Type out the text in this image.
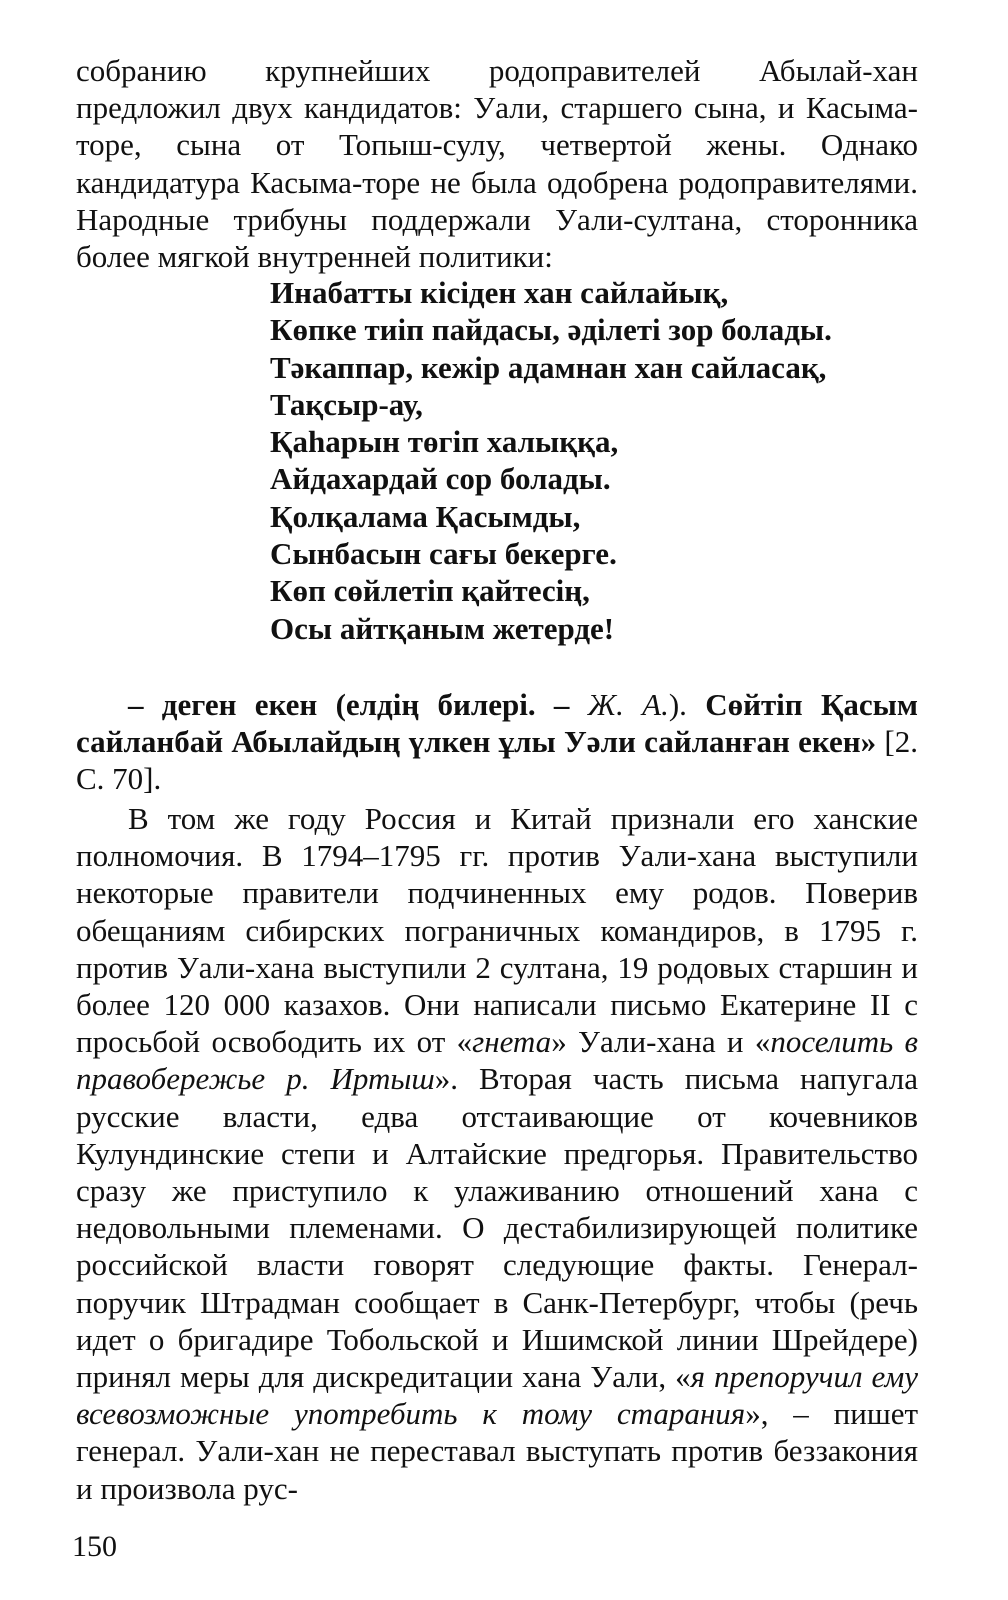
собранию крупнейших родоправителей Абылай-хан предложил двух кандидатов: Уали, старшего сына, и Касыма-торе, сына от Топыш-сулу, четвертой жены. Однако кандидатура Касыма-торе не была одобрена родоправителями. Народные трибуны поддержали Уали-султана, сторонника более мягкой внутренней политики:
Инабатты кісіден хан сайлайық,
Көпке тиіп пайдасы, әділеті зор болады.
Тәкаппар, кежір адамнан хан сайласақ,
Тақсыр-ау,
Қаһарын төгіп халыққа,
Айдахардай сор болады.
Қолқалама Қасымды,
Сынбасын сағы бекерге.
Көп сөйлетіп қайтесің,
Осы айтқаным жетерде!
– деген екен (елдің билері. – Ж. А.). Сөйтіп Қасым сайланбай Абылайдың үлкен ұлы Уәли сайланған екен» [2. С. 70].
В том же году Россия и Китай признали его ханские полномочия. В 1794–1795 гг. против Уали-хана выступили некоторые правители подчиненных ему родов. Поверив обещаниям сибирских пограничных командиров, в 1795 г. против Уали-хана выступили 2 султана, 19 родовых старшин и более 120 000 казахов. Они написали письмо Екатерине II с просьбой освободить их от «гнета» Уали-хана и «поселить в правобережье р. Иртыш». Вторая часть письма напугала русские власти, едва отстаивающие от кочевников Кулундинские степи и Алтайские предгорья. Правительство сразу же приступило к улаживанию отношений хана с недовольными племенами. О дестабилизирующей политике российской власти говорят следующие факты. Генерал-поручик Штрадман сообщает в Санк-Петербург, чтобы (речь идет о бригадире Тобольской и Ишимской линии Шрейдере) принял меры для дискредитации хана Уали, «я препоручил ему всевозможные употребить к тому старания», – пишет генерал. Уали-хан не переставал выступать против беззакония и произвола рус-
150
